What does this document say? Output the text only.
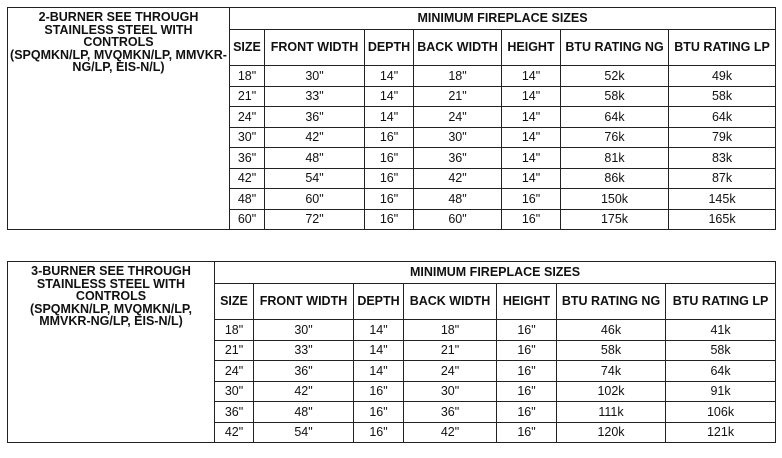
2-BURNER SEE THROUGH STAINLESS STEEL WITH CONTROLS
(SPQMKN/LP, MVQMKN/LP, MMVKR-NG/LP, EIS-N/L)	MINIMUM FIREPLACE SIZES						
	SIZE	FRONT WIDTH	DEPTH	BACK WIDTH	HEIGHT	BTU RATING NG	BTU RATING LP
	18"	30"	14"	18"	14"	52k	49k
	21"	33"	14"	21"	14"	58k	58k
	24"	36"	14"	24"	14"	64k	64k
	30"	42"	16"	30"	14"	76k	79k
	36"	48"	16"	36"	14"	81k	83k
	42"	54"	16"	42"	14"	86k	87k
	48"	60"	16"	48"	16"	150k	145k
	60"	72"	16"	60"	16"	175k	165k
3-BURNER SEE THROUGH STAINLESS STEEL WITH CONTROLS
(SPQMKN/LP, MVQMKN/LP, MMVKR-NG/LP, EIS-N/L)	MINIMUM FIREPLACE SIZES						
	SIZE	FRONT WIDTH	DEPTH	BACK WIDTH	HEIGHT	BTU RATING NG	BTU RATING LP
	18"	30"	14"	18"	16"	46k	41k
	21"	33"	14"	21"	16"	58k	58k
	24"	36"	14"	24"	16"	74k	64k
	30"	42"	16"	30"	16"	102k	91k
	36"	48"	16"	36"	16"	111k	106k
	42"	54"	16"	42"	16"	120k	121k
